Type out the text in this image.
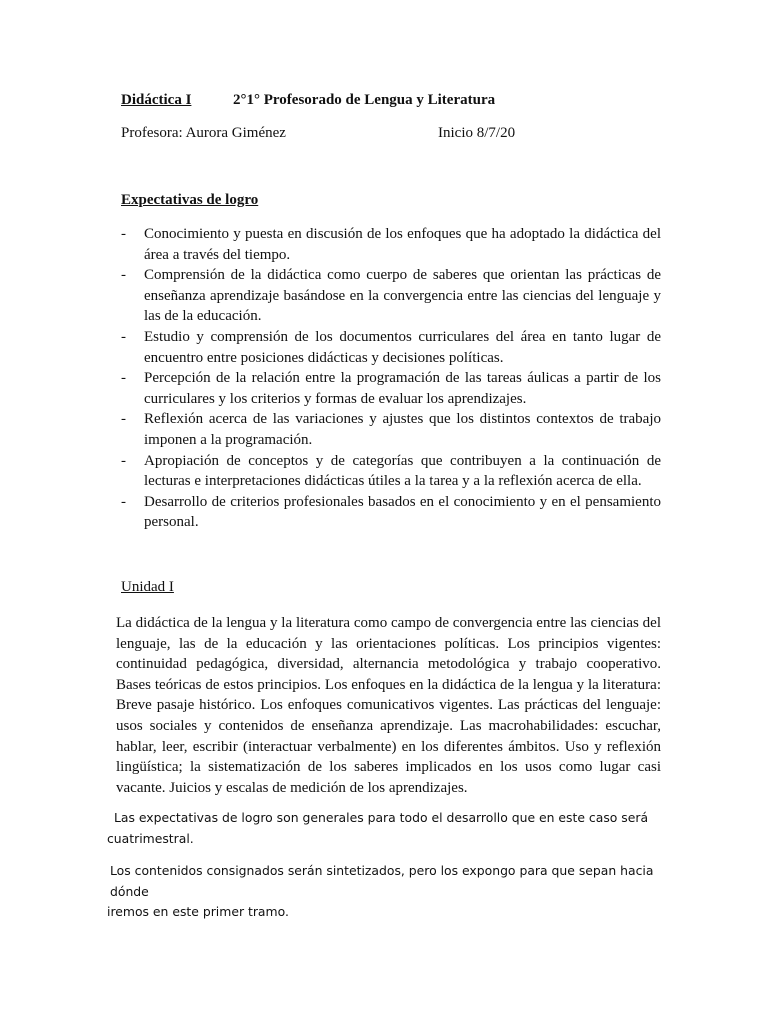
Didáctica I	2°1° Profesorado de Lengua y Literatura
Profesora: Aurora Giménez	Inicio 8/7/20
Expectativas de logro
- Conocimiento y puesta en discusión de los enfoques que ha adoptado la didáctica del área a través del tiempo.
- Comprensión de la didáctica como cuerpo de saberes que orientan las prácticas de enseñanza aprendizaje basándose en la convergencia entre las ciencias del lenguaje y las de la educación.
- Estudio y comprensión de los documentos curriculares del área en tanto lugar de encuentro entre posiciones didácticas y decisiones políticas.
- Percepción de la relación entre la programación de las tareas áulicas a partir de los curriculares y los criterios y formas de evaluar los aprendizajes.
- Reflexión acerca de las variaciones y ajustes que los distintos contextos de trabajo imponen a la programación.
- Apropiación de conceptos y de categorías que contribuyen a la continuación de lecturas e interpretaciones didácticas útiles a la tarea y a la reflexión acerca de ella.
- Desarrollo de criterios profesionales basados en el conocimiento y en el pensamiento personal.
Unidad I
La didáctica de la lengua y la literatura como campo de convergencia entre las ciencias del lenguaje, las de la educación y las orientaciones políticas. Los principios vigentes: continuidad pedagógica, diversidad, alternancia metodológica y trabajo cooperativo. Bases teóricas de estos principios. Los enfoques en la didáctica de la lengua y la literatura: Breve pasaje histórico. Los enfoques comunicativos vigentes. Las prácticas del lenguaje: usos sociales y contenidos de enseñanza aprendizaje. Las macrohabilidades: escuchar, hablar, leer, escribir (interactuar verbalmente) en los diferentes ámbitos. Uso y reflexión lingüística; la sistematización de los saberes implicados en los usos como lugar casi vacante. Juicios y escalas de medición de los aprendizajes.
Las expectativas de logro son generales para todo el desarrollo que en este caso será
cuatrimestral.
Los contenidos consignados serán sintetizados, pero los expongo para que sepan hacia dónde
iremos en este primer tramo.
